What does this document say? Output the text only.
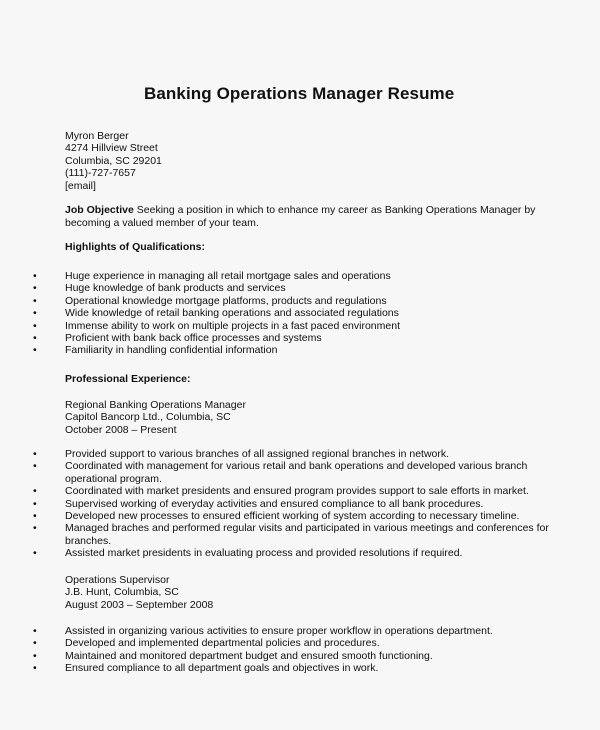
Banking Operations Manager Resume
Myron Berger
4274 Hillview Street
Columbia, SC 29201
(111)-727-7657
[email]
Job Objective Seeking a position in which to enhance my career as Banking Operations Manager by becoming a valued member of your team.
Highlights of Qualifications:
•	Huge experience in managing all retail mortgage sales and operations
•	Huge knowledge of bank products and services
•	Operational knowledge mortgage platforms, products and regulations
•	Wide knowledge of retail banking operations and associated regulations
•	Immense ability to work on multiple projects in a fast paced environment
•	Proficient with bank back office processes and systems
•	Familiarity in handling confidential information
Professional Experience:
Regional Banking Operations Manager
Capitol Bancorp Ltd., Columbia, SC
October 2008 – Present
•	Provided support to various branches of all assigned regional branches in network.
•	Coordinated with management for various retail and bank operations and developed various branch operational program.
•	Coordinated with market presidents and ensured program provides support to sale efforts in market.
•	Supervised working of everyday activities and ensured compliance to all bank procedures.
•	Developed new processes to ensured efficient working of system according to necessary timeline.
•	Managed braches and performed regular visits and participated in various meetings and conferences for branches.
•	Assisted market presidents in evaluating process and provided resolutions if required.
Operations Supervisor
J.B. Hunt, Columbia, SC
August 2003 – September 2008
•	Assisted in organizing various activities to ensure proper workflow in operations department.
•	Developed and implemented departmental policies and procedures.
•	Maintained and monitored department budget and ensured smooth functioning.
•	Ensured compliance to all department goals and objectives in work.
